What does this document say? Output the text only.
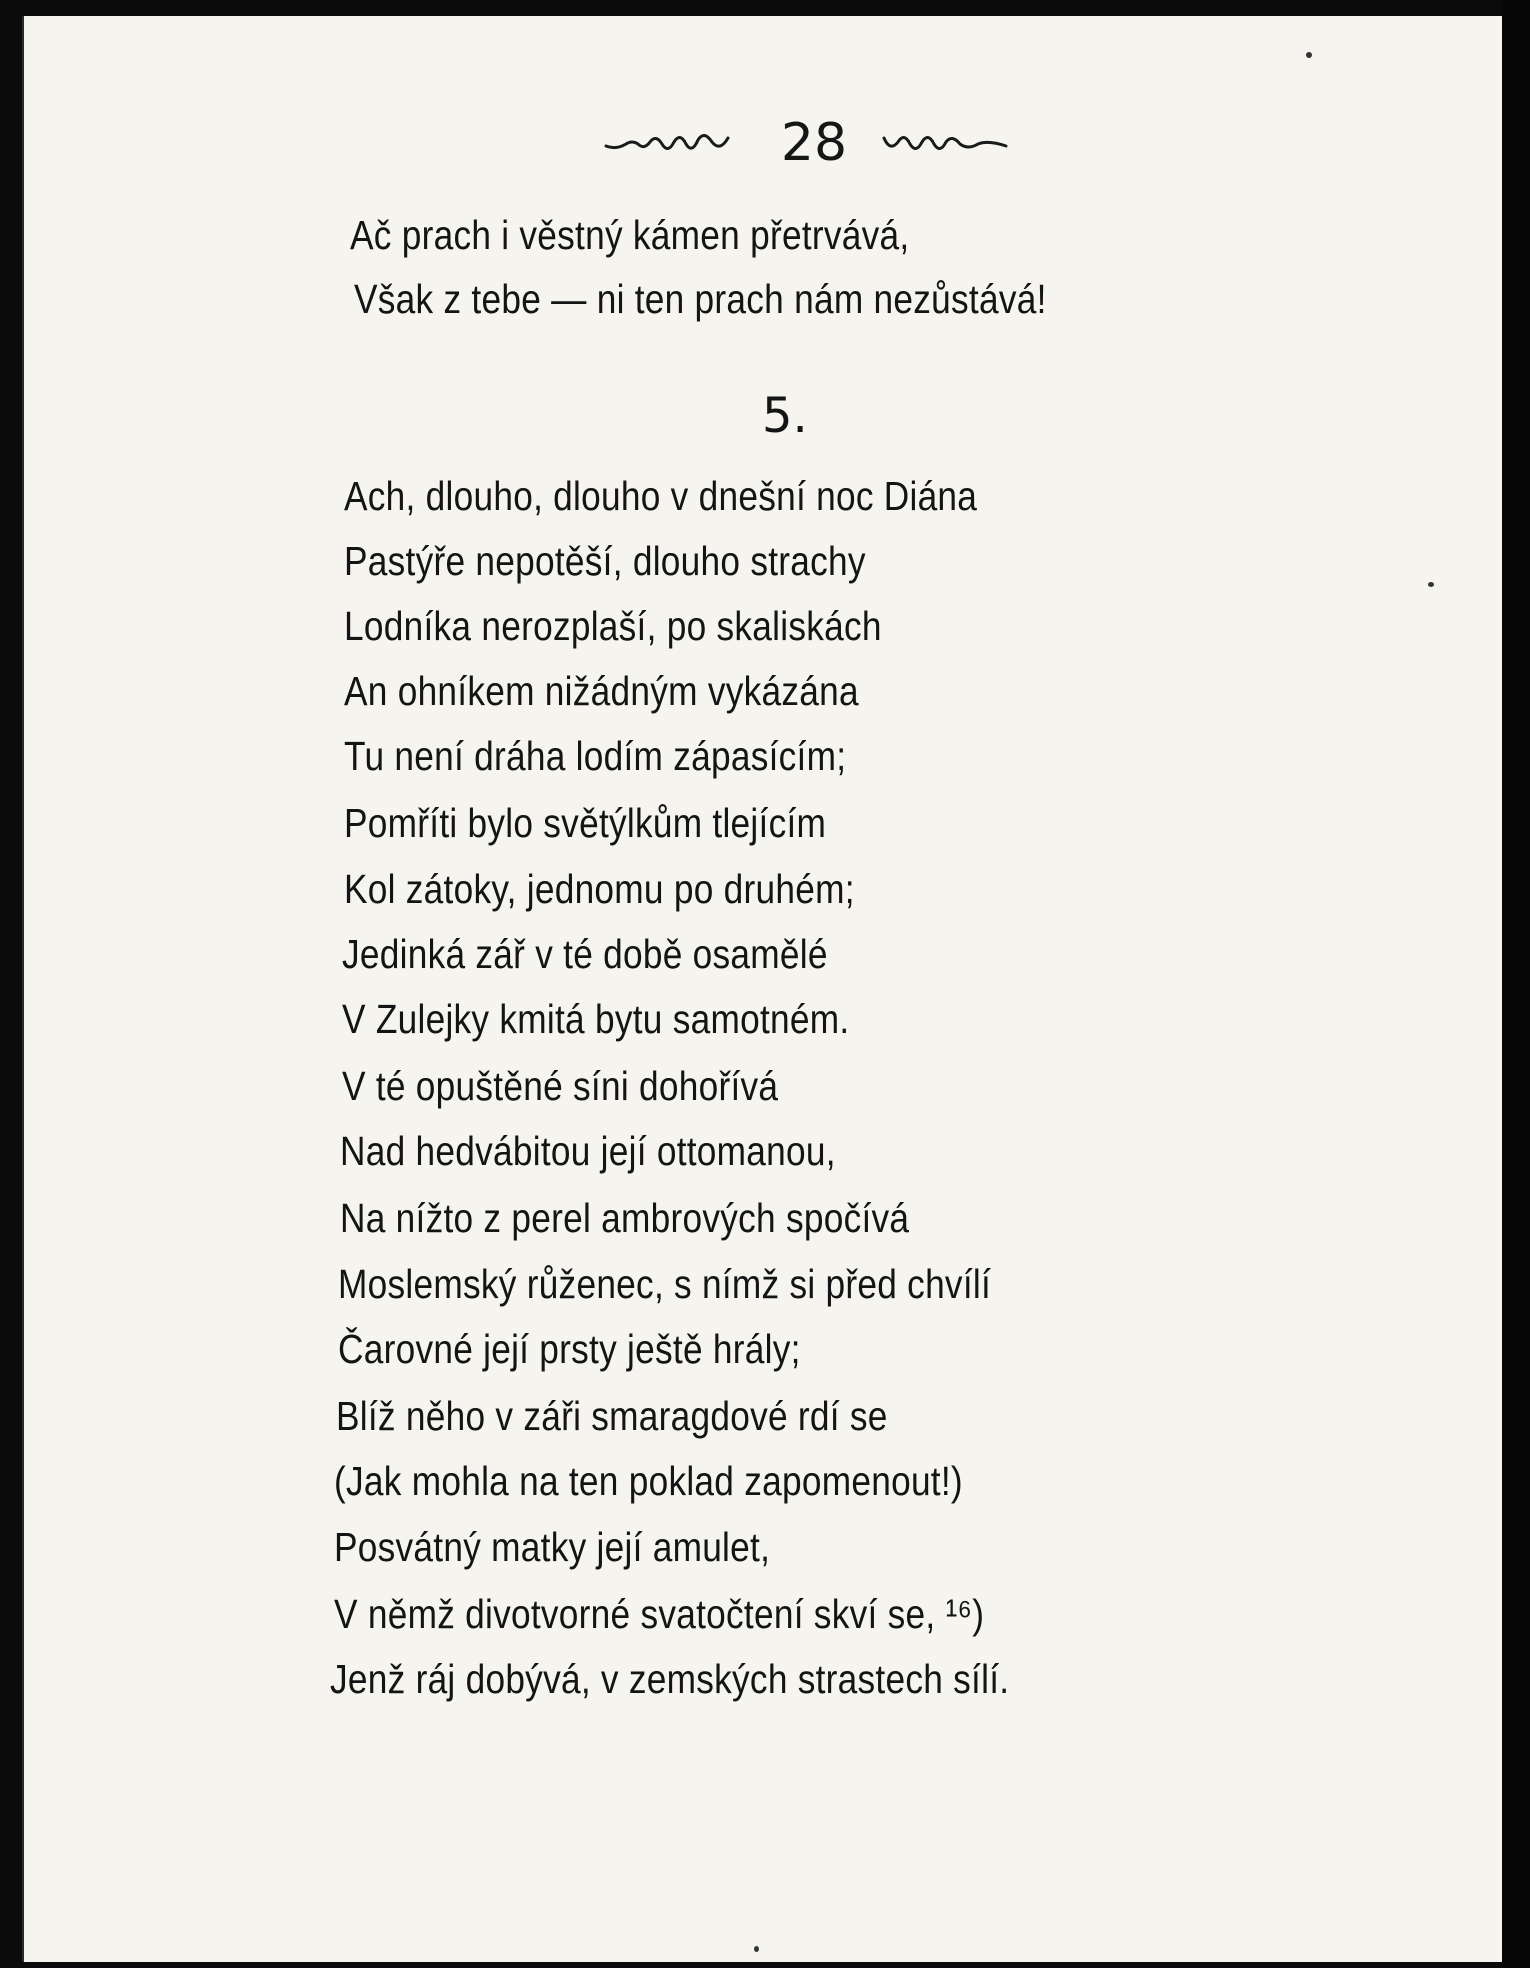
28
Ač prach i věstný kámen přetrvává,
Však z tebe — ni ten prach nám nezůstává!
5.
Ach, dlouho, dlouho v dnešní noc Diána
Pastýře nepotěší, dlouho strachy
Lodníka nerozplaší, po skaliskách
An ohníkem nižádným vykázána
Tu není dráha lodím zápasícím;
Pomříti bylo světýlkům tlejícím
Kol zátoky, jednomu po druhém;
Jedinká zář v té době osamělé
V Zulejky kmitá bytu samotném.
V té opuštěné síni dohořívá
Nad hedvábitou její ottomanou,
Na nížto z perel ambrových spočívá
Moslemský růženec, s nímž si před chvílí
Čarovné její prsty ještě hrály;
Blíž něho v záři smaragdové rdí se
(Jak mohla na ten poklad zapomenout!)
Posvátný matky její amulet,
V němž divotvorné svatočtení skví se, ¹⁶)
Jenž ráj dobývá, v zemských strastech sílí.
